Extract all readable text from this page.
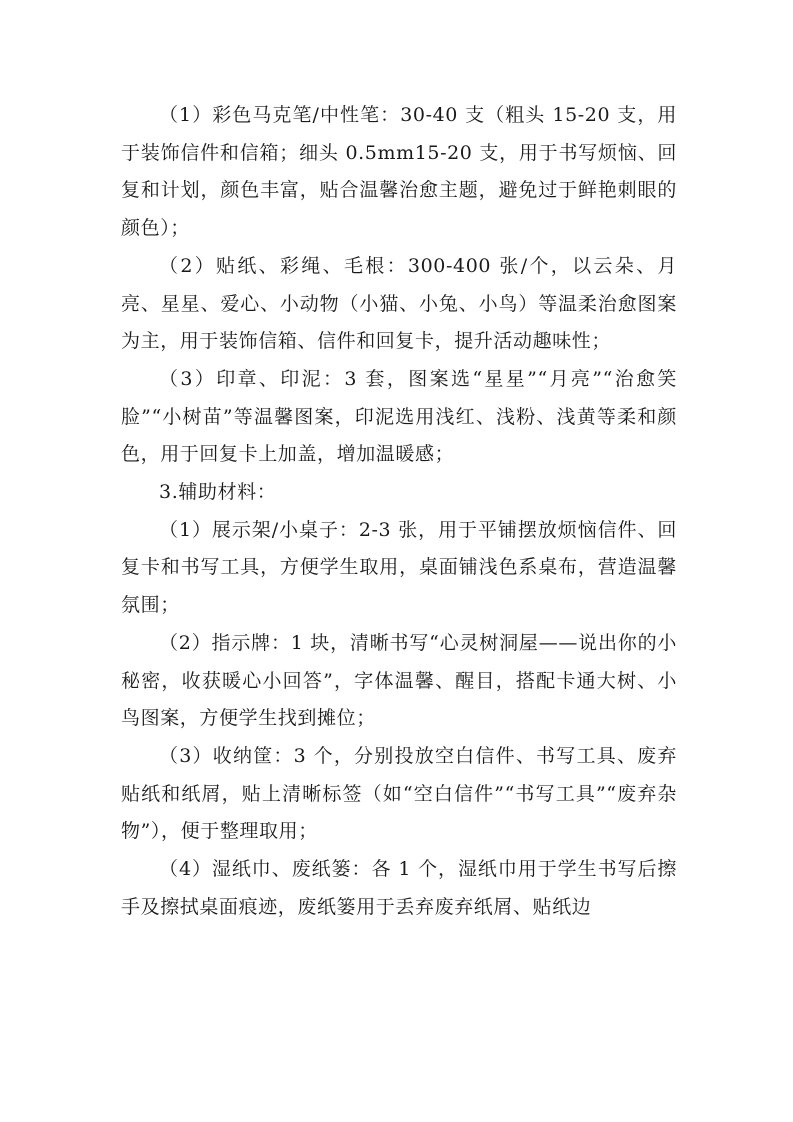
（1）彩色马克笔/中性笔：30-40 支（粗头 15-20 支，用于装饰信件和信箱；细头 0.5mm15-20 支，用于书写烦恼、回复和计划，颜色丰富，贴合温馨治愈主题，避免过于鲜艳刺眼的颜色）；

（2）贴纸、彩绳、毛根：300-400 张/个，以云朵、月亮、星星、爱心、小动物（小猫、小兔、小鸟）等温柔治愈图案为主，用于装饰信箱、信件和回复卡，提升活动趣味性；

（3）印章、印泥：3 套，图案选“星星”“月亮”“治愈笑脸”“小树苗”等温馨图案，印泥选用浅红、浅粉、浅黄等柔和颜色，用于回复卡上加盖，增加温暖感；

3.辅助材料：

（1）展示架/小桌子：2-3 张，用于平铺摆放烦恼信件、回复卡和书写工具，方便学生取用，桌面铺浅色系桌布，营造温馨氛围；

（2）指示牌：1 块，清晰书写“心灵树洞屋——说出你的小秘密，收获暖心小回答”，字体温馨、醒目，搭配卡通大树、小鸟图案，方便学生找到摊位；

（3）收纳筐：3 个，分别投放空白信件、书写工具、废弃贴纸和纸屑，贴上清晰标签（如“空白信件”“书写工具”“废弃杂物”），便于整理取用；

（4）湿纸巾、废纸篓：各 1 个，湿纸巾用于学生书写后擦手及擦拭桌面痕迹，废纸篓用于丢弃废弃纸屑、贴纸边
